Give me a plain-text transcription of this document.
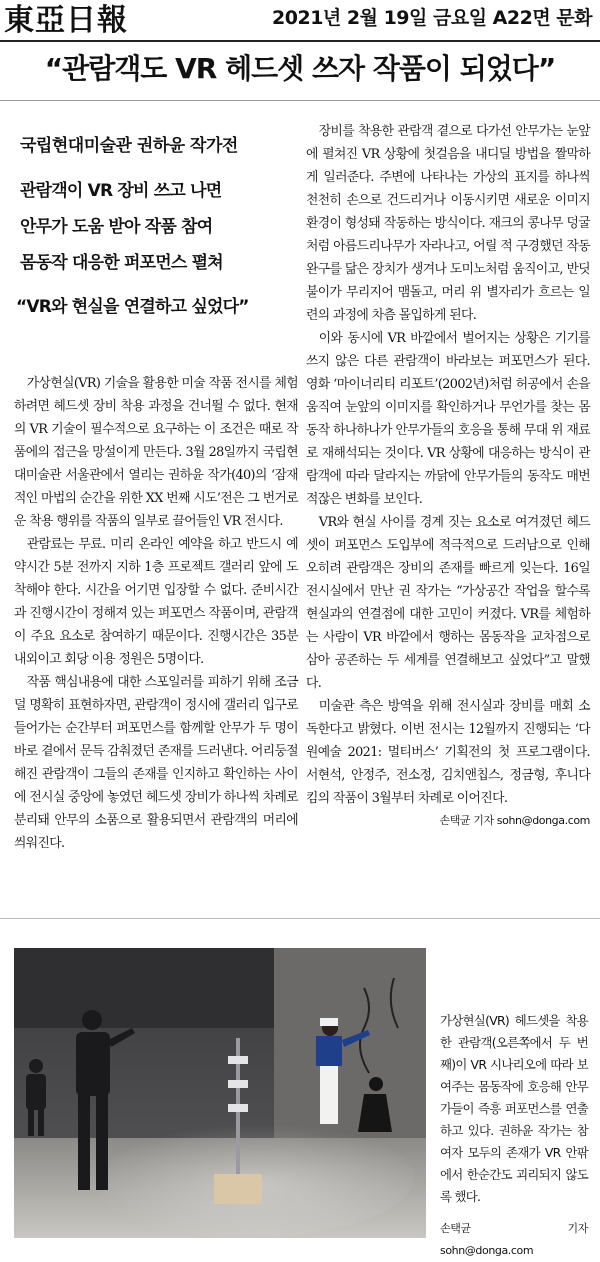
東亞日報	2021년 2월 19일 금요일 A22면 문화
“관람객도 VR 헤드셋 쓰자 작품이 되었다”
국립현대미술관 권하윤 작가전

관람객이 VR 장비 쓰고 나면

안무가 도움 받아 작품 참여

몸동작 대응한 퍼포먼스 펼쳐

“VR와 현실을 연결하고 싶었다”

가상현실(VR) 기술을 활용한 미술 작품 전시를 체험하려면 헤드셋 장비 착용 과정을 건너뛸 수 없다. 현재의 VR 기술이 필수적으로 요구하는 이 조건은 때로 작품에의 접근을 망설이게 만든다. 3월 28일까지 국립현대미술관 서울관에서 열리는 권하윤 작가(40)의 ‘잠재적인 마법의 순간을 위한 XX 번째 시도’전은 그 번거로운 착용 행위를 작품의 일부로 끌어들인 VR 전시다.

관람료는 무료. 미리 온라인 예약을 하고 반드시 예약시간 5분 전까지 지하 1층 프로젝트 갤러리 앞에 도착해야 한다. 시간을 어기면 입장할 수 없다. 준비시간과 진행시간이 정해져 있는 퍼포먼스 작품이며, 관람객이 주요 요소로 참여하기 때문이다. 진행시간은 35분 내외이고 회당 이용 정원은 5명이다.

작품 핵심내용에 대한 스포일러를 피하기 위해 조금 덜 명확히 표현하자면, 관람객이 정시에 갤러리 입구로 들어가는 순간부터 퍼포먼스를 함께할 안무가 두 명이 바로 곁에서 문득 감춰졌던 존재를 드러낸다. 어리둥절해진 관람객이 그들의 존재를 인지하고 확인하는 사이에 전시실 중앙에 놓였던 헤드셋 장비가 하나씩 차례로 분리돼 안무의 소품으로 활용되면서 관람객의 머리에 씌워진다.

장비를 착용한 관람객 곁으로 다가선 안무가는 눈앞에 펼쳐진 VR 상황에 첫걸음을 내디딜 방법을 짤막하게 일러준다. 주변에 나타나는 가상의 표지를 하나씩 천천히 손으로 건드리거나 이동시키면 새로운 이미지 환경이 형성돼 작동하는 방식이다. 재크의 콩나무 덩굴처럼 아름드리나무가 자라나고, 어릴 적 구경했던 작동완구를 닮은 장치가 생겨나 도미노처럼 움직이고, 반딧불이가 무리지어 맴돌고, 머리 위 별자리가 흐르는 일련의 과정에 차츰 몰입하게 된다.

이와 동시에 VR 바깥에서 벌어지는 상황은 기기를 쓰지 않은 다른 관람객이 바라보는 퍼포먼스가 된다. 영화 ‘마이너리티 리포트’(2002년)처럼 허공에서 손을 움직여 눈앞의 이미지를 확인하거나 무언가를 찾는 몸동작 하나하나가 안무가들의 호응을 통해 무대 위 재료로 재해석되는 것이다. VR 상황에 대응하는 방식이 관람객에 따라 달라지는 까닭에 안무가들의 동작도 매번 적잖은 변화를 보인다.

VR와 현실 사이를 경계 짓는 요소로 여겨졌던 헤드셋이 퍼포먼스 도입부에 적극적으로 드러남으로 인해 오히려 관람객은 장비의 존재를 빠르게 잊는다. 16일 전시실에서 만난 권 작가는 “가상공간 작업을 할수록 현실과의 연결점에 대한 고민이 커졌다. VR를 체험하는 사람이 VR 바깥에서 행하는 몸동작을 교차점으로 삼아 공존하는 두 세계를 연결해보고 싶었다”고 말했다.

미술관 측은 방역을 위해 전시실과 장비를 매회 소독한다고 밝혔다. 이번 전시는 12월까지 진행되는 ‘다원예술 2021: 멀티버스’ 기획전의 첫 프로그램이다. 서현석, 안정주, 전소정, 김치앤칩스, 정금형, 후니다 킴의 작품이 3월부터 차례로 이어진다.

손택균 기자 sohn@donga.com
가상현실(VR) 헤드셋을 착용한 관람객(오른쪽에서 두 번째)이 VR 시나리오에 따라 보여주는 몸동작에 호응해 안무가들이 즉흥 퍼포먼스를 연출하고 있다. 권하윤 작가는 참여자 모두의 존재가 VR 안팎에서 한순간도 괴리되지 않도록 했다.
손택균 기자 sohn@donga.com
